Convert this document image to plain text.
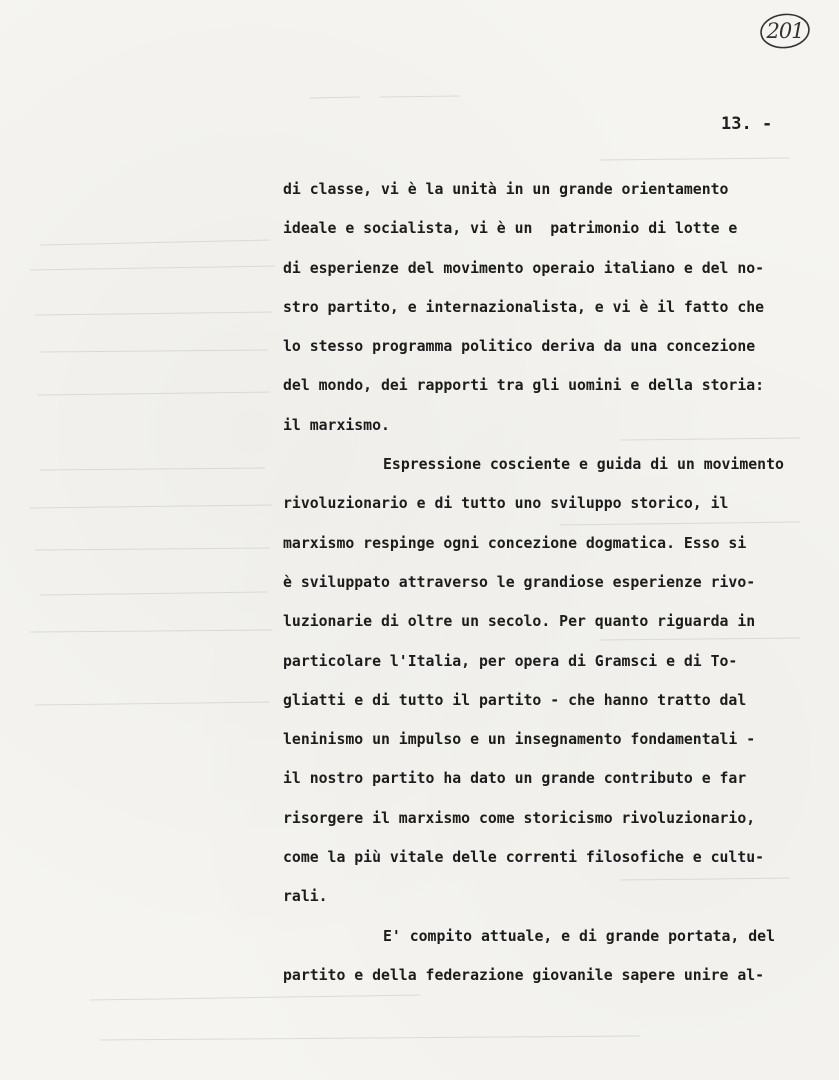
201
13. -
di classe, vi è la unità in un grande orientamento
ideale e socialista, vi è un  patrimonio di lotte e
di esperienze del movimento operaio italiano e del no-
stro partito, e internazionalista, e vi è il fatto che
lo stesso programma politico deriva da una concezione
del mondo, dei rapporti tra gli uomini e della storia:
il marxismo.
Espressione cosciente e guida di un movimento
rivoluzionario e di tutto uno sviluppo storico, il
marxismo respinge ogni concezione dogmatica. Esso si
è sviluppato attraverso le grandiose esperienze rivo-
luzionarie di oltre un secolo. Per quanto riguarda in
particolare l'Italia, per opera di Gramsci e di To-
gliatti e di tutto il partito - che hanno tratto dal
leninismo un impulso e un insegnamento fondamentali -
il nostro partito ha dato un grande contributo e far
risorgere il marxismo come storicismo rivoluzionario,
come la più vitale delle correnti filosofiche e cultu-
rali.
E' compito attuale, e di grande portata, del
partito e della federazione giovanile sapere unire al-
